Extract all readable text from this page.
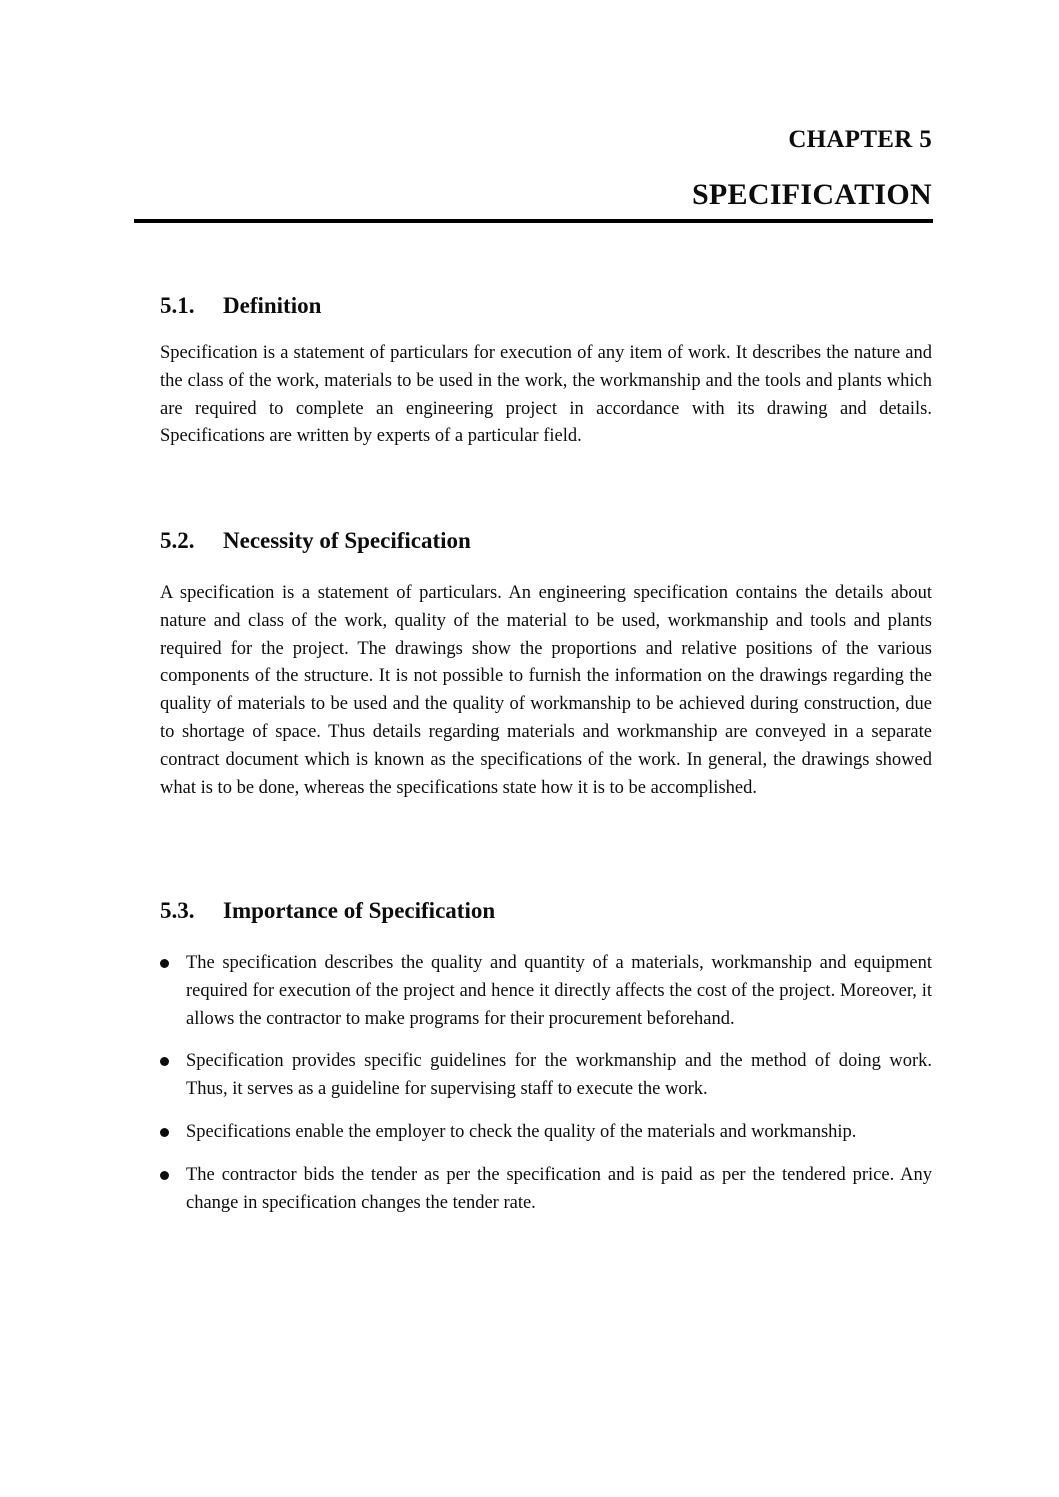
CHAPTER 5
SPECIFICATION
5.1. Definition
Specification is a statement of particulars for execution of any item of work. It describes the nature and the class of the work, materials to be used in the work, the workmanship and the tools and plants which are required to complete an engineering project in accordance with its drawing and details. Specifications are written by experts of a particular field.
5.2. Necessity of Specification
A specification is a statement of particulars. An engineering specification contains the details about nature and class of the work, quality of the material to be used, workmanship and tools and plants required for the project. The drawings show the proportions and relative positions of the various components of the structure. It is not possible to furnish the information on the drawings regarding the quality of materials to be used and the quality of workmanship to be achieved during construction, due to shortage of space. Thus details regarding materials and workmanship are conveyed in a separate contract document which is known as the specifications of the work. In general, the drawings showed what is to be done, whereas the specifications state how it is to be accomplished.
5.3. Importance of Specification
The specification describes the quality and quantity of a materials, workmanship and equipment required for execution of the project and hence it directly affects the cost of the project. Moreover, it allows the contractor to make programs for their procurement beforehand.
Specification provides specific guidelines for the workmanship and the method of doing work. Thus, it serves as a guideline for supervising staff to execute the work.
Specifications enable the employer to check the quality of the materials and workmanship.
The contractor bids the tender as per the specification and is paid as per the tendered price. Any change in specification changes the tender rate.
